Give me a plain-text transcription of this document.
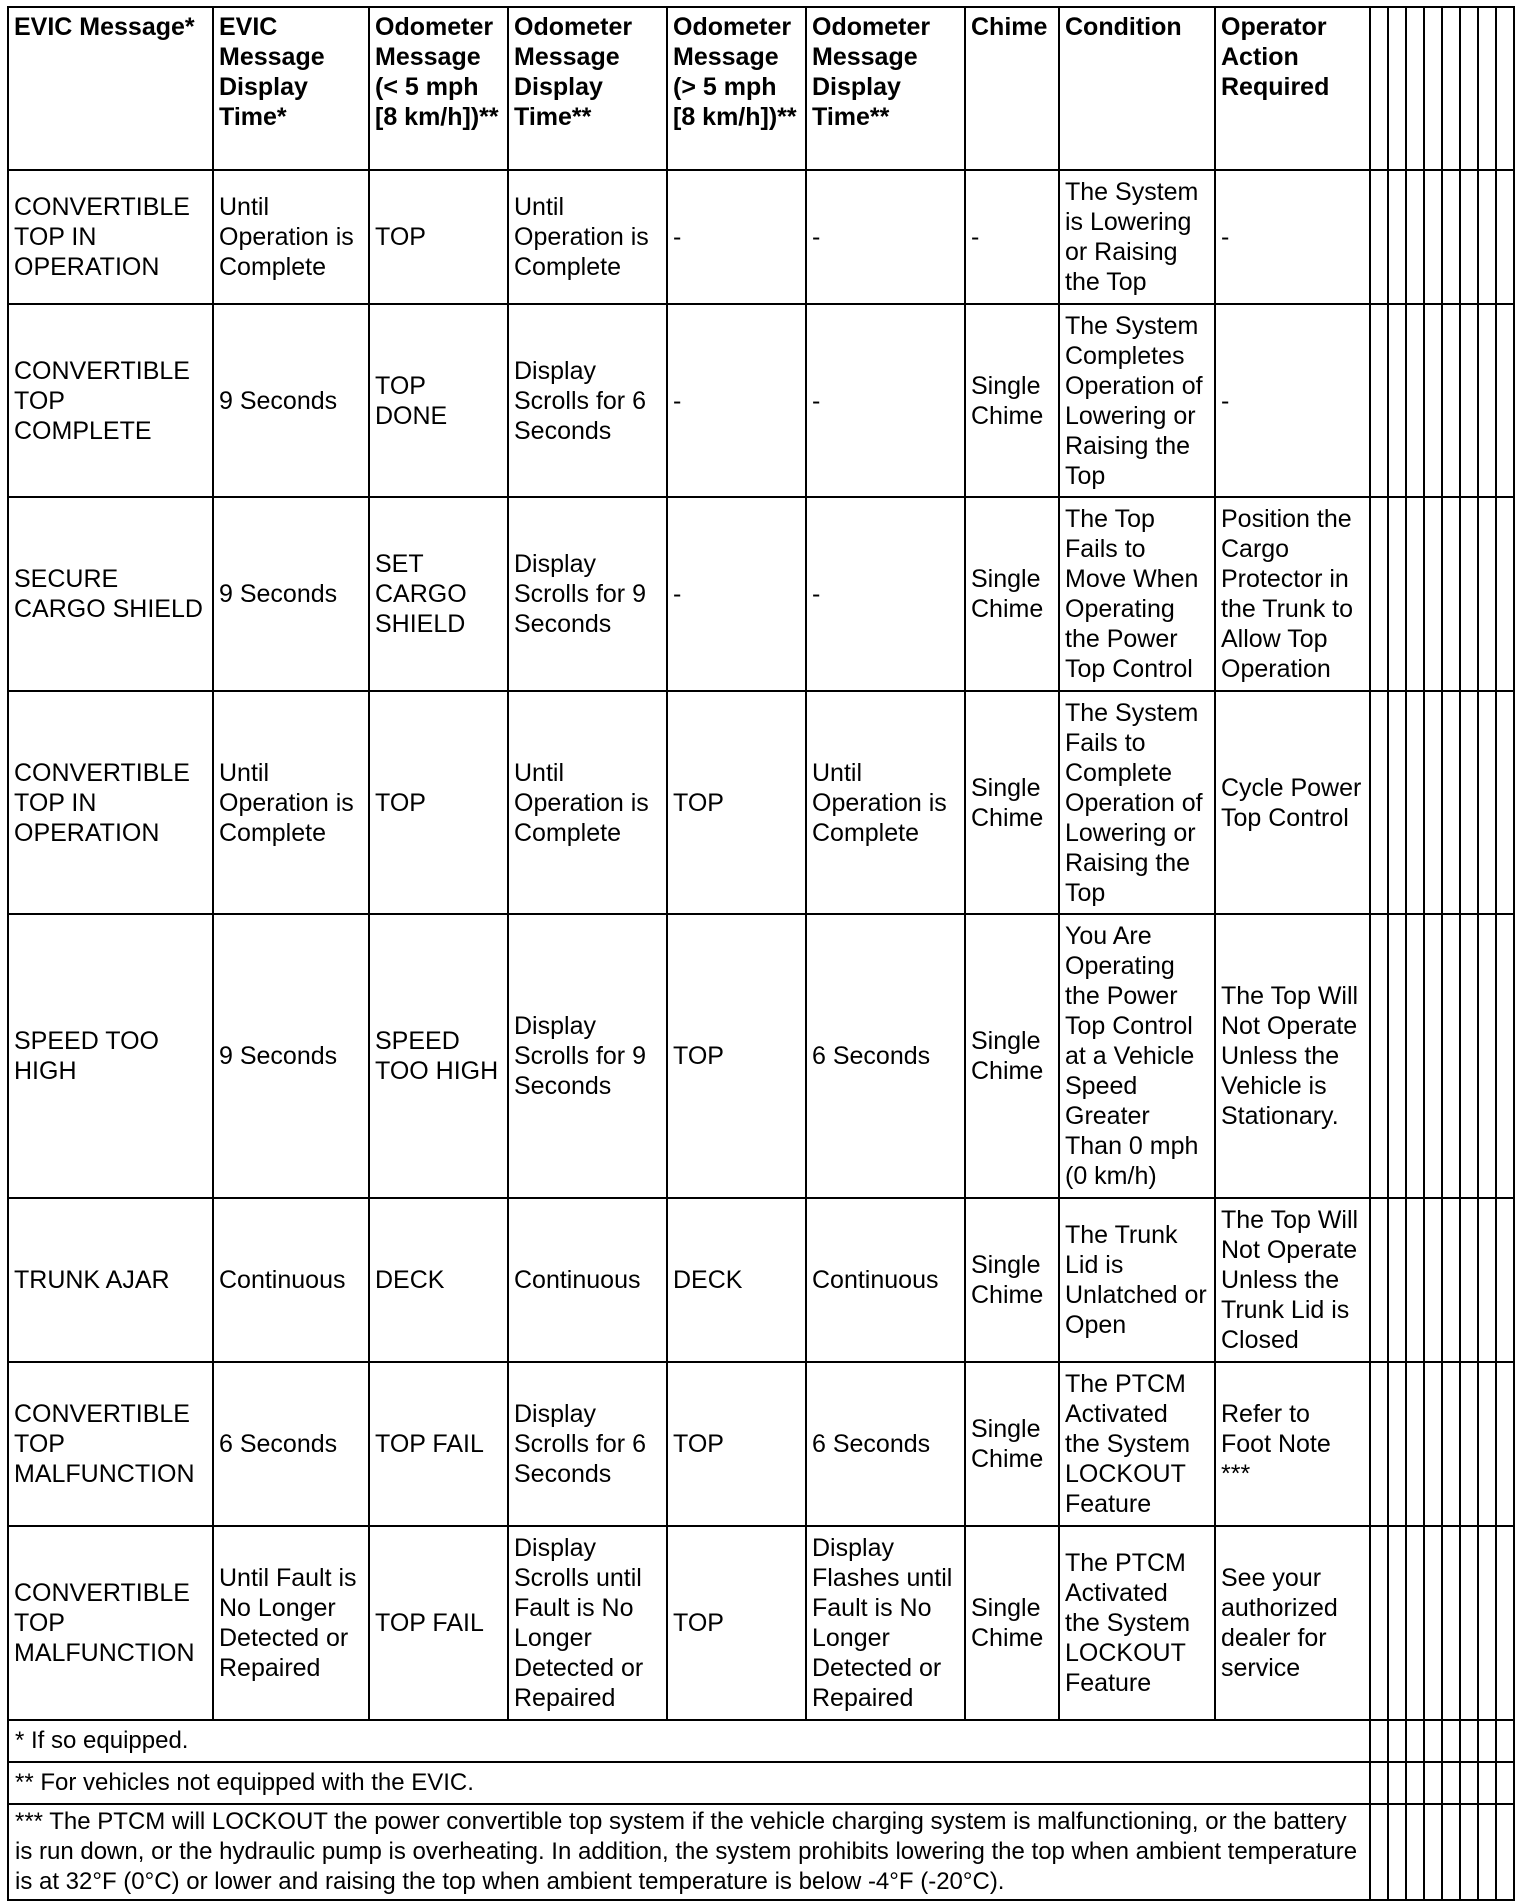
EVIC Message*	EVIC Message Display Time*	Odometer Message (< 5 mph [8 km/h])**	Odometer Message Display Time**	Odometer Message (> 5 mph [8 km/h])**	Odometer Message Display Time**	Chime	Condition	Operator Action Required								
CONVERTIBLE TOP IN OPERATION	Until Operation is Complete	TOP	Until Operation is Complete	-	-	-	The System is Lowering or Raising the Top	-								
CONVERTIBLE TOP COMPLETE	9 Seconds	TOP DONE	Display Scrolls for 6 Seconds	-	-	Single Chime	The System Completes Operation of Lowering or Raising the Top	-								
SECURE CARGO SHIELD	9 Seconds	SET CARGO SHIELD	Display Scrolls for 9 Seconds	-	-	Single Chime	The Top Fails to Move When Operating the Power Top Control	Position the Cargo Protector in the Trunk to Allow Top Operation								
CONVERTIBLE TOP IN OPERATION	Until Operation is Complete	TOP	Until Operation is Complete	TOP	Until Operation is Complete	Single Chime	The System Fails to Complete Operation of Lowering or Raising the Top	Cycle Power Top Control								
SPEED TOO HIGH	9 Seconds	SPEED TOO HIGH	Display Scrolls for 9 Seconds	TOP	6 Seconds	Single Chime	You Are Operating the Power Top Control at a Vehicle Speed Greater Than 0 mph (0 km/h)	The Top Will Not Operate Unless the Vehicle is Stationary.								
TRUNK AJAR	Continuous	DECK	Continuous	DECK	Continuous	Single Chime	The Trunk Lid is Unlatched or Open	The Top Will Not Operate Unless the Trunk Lid is Closed								
CONVERTIBLE TOP MALFUNCTION	6 Seconds	TOP FAIL	Display Scrolls for 6 Seconds	TOP	6 Seconds	Single Chime	The PTCM Activated the System LOCKOUT Feature	Refer to Foot Note ***								
CONVERTIBLE TOP MALFUNCTION	Until Fault is No Longer Detected or Repaired	TOP FAIL	Display Scrolls until Fault is No Longer Detected or Repaired	TOP	Display Flashes until Fault is No Longer Detected or Repaired	Single Chime	The PTCM Activated the System LOCKOUT Feature	See your authorized dealer for service								
* If so equipped.																
** For vehicles not equipped with the EVIC.																
*** The PTCM will LOCKOUT the power convertible top system if the vehicle charging system is malfunctioning, or the battery is run down, or the hydraulic pump is overheating. In addition, the system prohibits lowering the top when ambient temperature is at 32°F (0°C) or lower and raising the top when ambient temperature is below -4°F (-20°C).																
